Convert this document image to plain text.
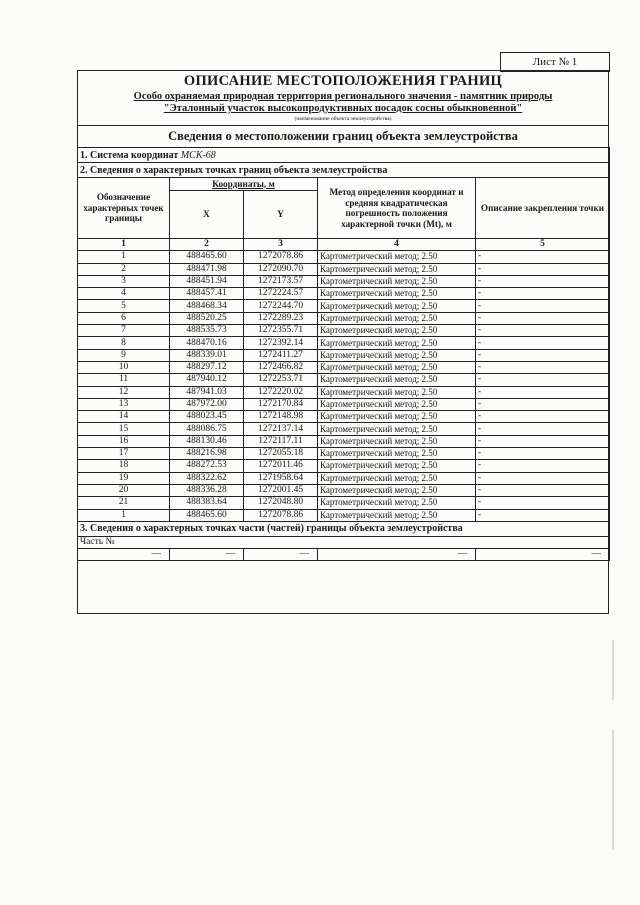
Лист № 1
ОПИСАНИЕ МЕСТОПОЛОЖЕНИЯ ГРАНИЦ
Особо охраняемая природная территория регионального значения - памятник природы
"Эталонный участок высокопродуктивных посадок сосны обыкновенной"
(наименование объекта землеустройства)
Сведения о местоположении границ объекта землеустройства
1. Система координат МСК-68				
2. Сведения о характерных точках границ объекта землеустройства				
Обозначение характерных точек границы	Координаты, м		Метод определения координат и средняя квадратическая погрешность положения характерной точки (Mt), м	Описание закрепления точки
	X	Y		
1	2	3	4	5
1	488465.60	1272078.86	Картометрический метод; 2.50	-
2	488471.98	1272090.70	Картометрический метод; 2.50	-
3	488451.94	1272173.57	Картометрический метод; 2.50	-
4	488457.41	1272224.57	Картометрический метод; 2.50	-
5	488468.34	1272244.70	Картометрический метод; 2.50	-
6	488520.25	1272289.23	Картометрический метод; 2.50	-
7	488535.73	1272355.71	Картометрический метод; 2.50	-
8	488470.16	1272392.14	Картометрический метод; 2.50	-
9	488339.01	1272411.27	Картометрический метод; 2.50	-
10	488297.12	1272466.82	Картометрический метод; 2.50	-
11	487940.12	1272253.71	Картометрический метод; 2.50	-
12	487941.03	1272220.02	Картометрический метод; 2.50	-
13	487972.00	1272170.84	Картометрический метод; 2.50	-
14	488023.45	1272148.98	Картометрический метод; 2.50	-
15	488086.75	1272137.14	Картометрический метод; 2.50	-
16	488130.46	1272117.11	Картометрический метод; 2.50	-
17	488216.98	1272055.18	Картометрический метод; 2.50	-
18	488272.53	1272011.46	Картометрический метод; 2.50	-
19	488322.62	1271958.64	Картометрический метод; 2.50	-
20	488336.28	1272001.45	Картометрический метод; 2.50	-
21	488383.64	1272048.80	Картометрический метод; 2.50	-
1	488465.60	1272078.86	Картометрический метод; 2.50	-
3. Сведения о характерных точках части (частей) границы объекта землеустройства				
Часть №				
—	—	—	—	—
